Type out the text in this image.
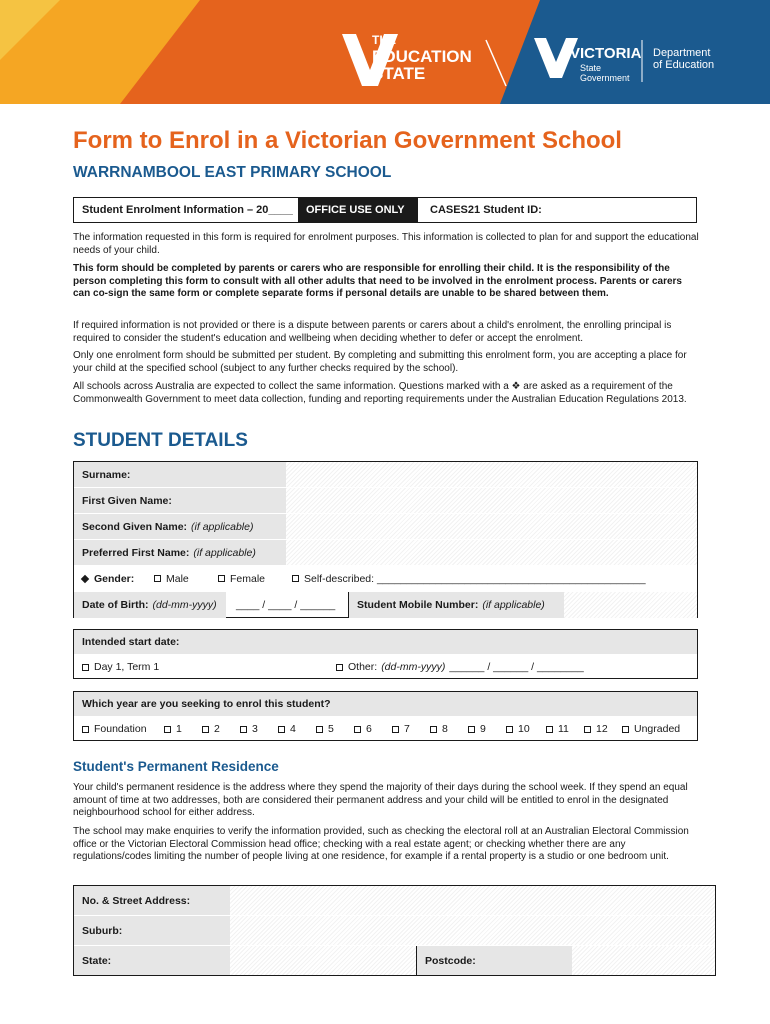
THE
EDUCATION
STATE
VICTORIA
State
Government
Department
of Education
Form to Enrol in a Victorian Government School
WARRNAMBOOL EAST PRIMARY SCHOOL
Student Enrolment Information – 20____	OFFICE USE ONLY	CASES21 Student ID:
The information requested in this form is required for enrolment purposes. This information is collected to plan for and support the educational needs of your child.
This form should be completed by parents or carers who are responsible for enrolling their child. It is the responsibility of the person completing this form to consult with all other adults that need to be involved in the enrolment process. Parents or carers can co-sign the same form or complete separate forms if personal details are unable to be shared between them.
If required information is not provided or there is a dispute between parents or carers about a child's enrolment, the enrolling principal is required to consider the student's education and wellbeing when deciding whether to defer or accept the enrolment.
Only one enrolment form should be submitted per student. By completing and submitting this enrolment form, you are accepting a place for your child at the specified school (subject to any further checks required by the school).
All schools across Australia are expected to collect the same information. Questions marked with a ❖ are asked as a requirement of the Commonwealth Government to meet data collection, funding and reporting requirements under the Australian Education Regulations 2013.
STUDENT DETAILS
Surname:
First Given Name:
Second Given Name: (if applicable)
Preferred First Name: (if applicable)
Gender:	Male	Female	Self-described: ______________________________________________
Date of Birth: (dd-mm-yyyy) ____ / ____ / ______ Student Mobile Number: (if applicable)
Intended start date:
Day 1, Term 1	Other: (dd-mm-yyyy) ______ / ______ / ________
Which year are you seeking to enrol this student?
Foundation	1	2	3	4	5	6	7	8	9	10	11	12	Ungraded
Student's Permanent Residence
Your child's permanent residence is the address where they spend the majority of their days during the school week. If they spend an equal amount of time at two addresses, both are considered their permanent address and your child will be entitled to enrol in the designated neighbourhood school for either address.
The school may make enquiries to verify the information provided, such as checking the electoral roll at an Australian Electoral Commission office or the Victorian Electoral Commission head office; checking with a real estate agent; or checking whether there are any regulations/codes limiting the number of people living at one residence, for example if a rental property is a studio or one bedroom unit.
No. & Street Address:
Suburb:
State:	Postcode:
